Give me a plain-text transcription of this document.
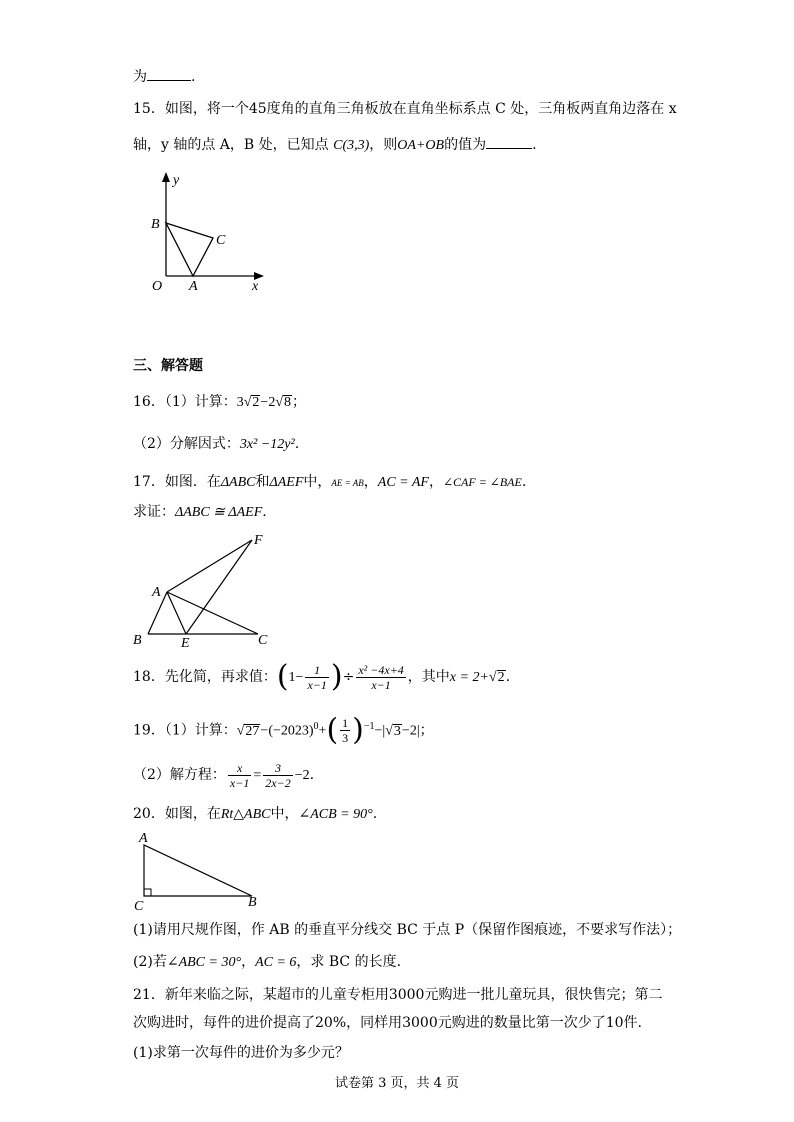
为	.
15．如图，将一个45度角的直角三角板放在直角坐标系点 C 处，三角板两直角边落在 x
轴，y 轴的点 A，B 处，已知点 C(3,3)，则OA+OB的值为	.
y
B
C
O A	x
三、解答题
16．（1）计算：3√2−2√8；
（2）分解因式：3x² −12y².
17．如图．在ΔABC和ΔAEF中，AE = AB，AC = AF，∠CAF = ∠BAE.
求证：ΔABC ≅ ΔAEF.
F
A
B	E	C
18．先化简，再求值：($1- \frac{1}{x-1}$ )÷ $\frac{\text{x² −4x+4}}{x-1}$ ，其中x = 2+√2.
19．（1）计算：$√27-(-2023)^0+( \frac{1}{3} )^{-1}-|√3-2|$；
（2）解方程： $\frac{x}{x-1} = \frac{3}{2x-2} -2$.
20．如图，在Rt△ABC中，∠ACB = 90°.
A
C	B
(1)请用尺规作图，作 AB 的垂直平分线交 BC 于点 P（保留作图痕迹，不要求写作法）；
(2)若∠ABC = 30°，AC = 6，求 BC 的长度.
21．新年来临之际，某超市的儿童专柜用3000元购进一批儿童玩具，很快售完；第二
次购进时，每件的进价提高了20%，同样用3000元购进的数量比第一次少了10件.
(1)求第一次每件的进价为多少元？
试卷第 3 页，共 4 页
